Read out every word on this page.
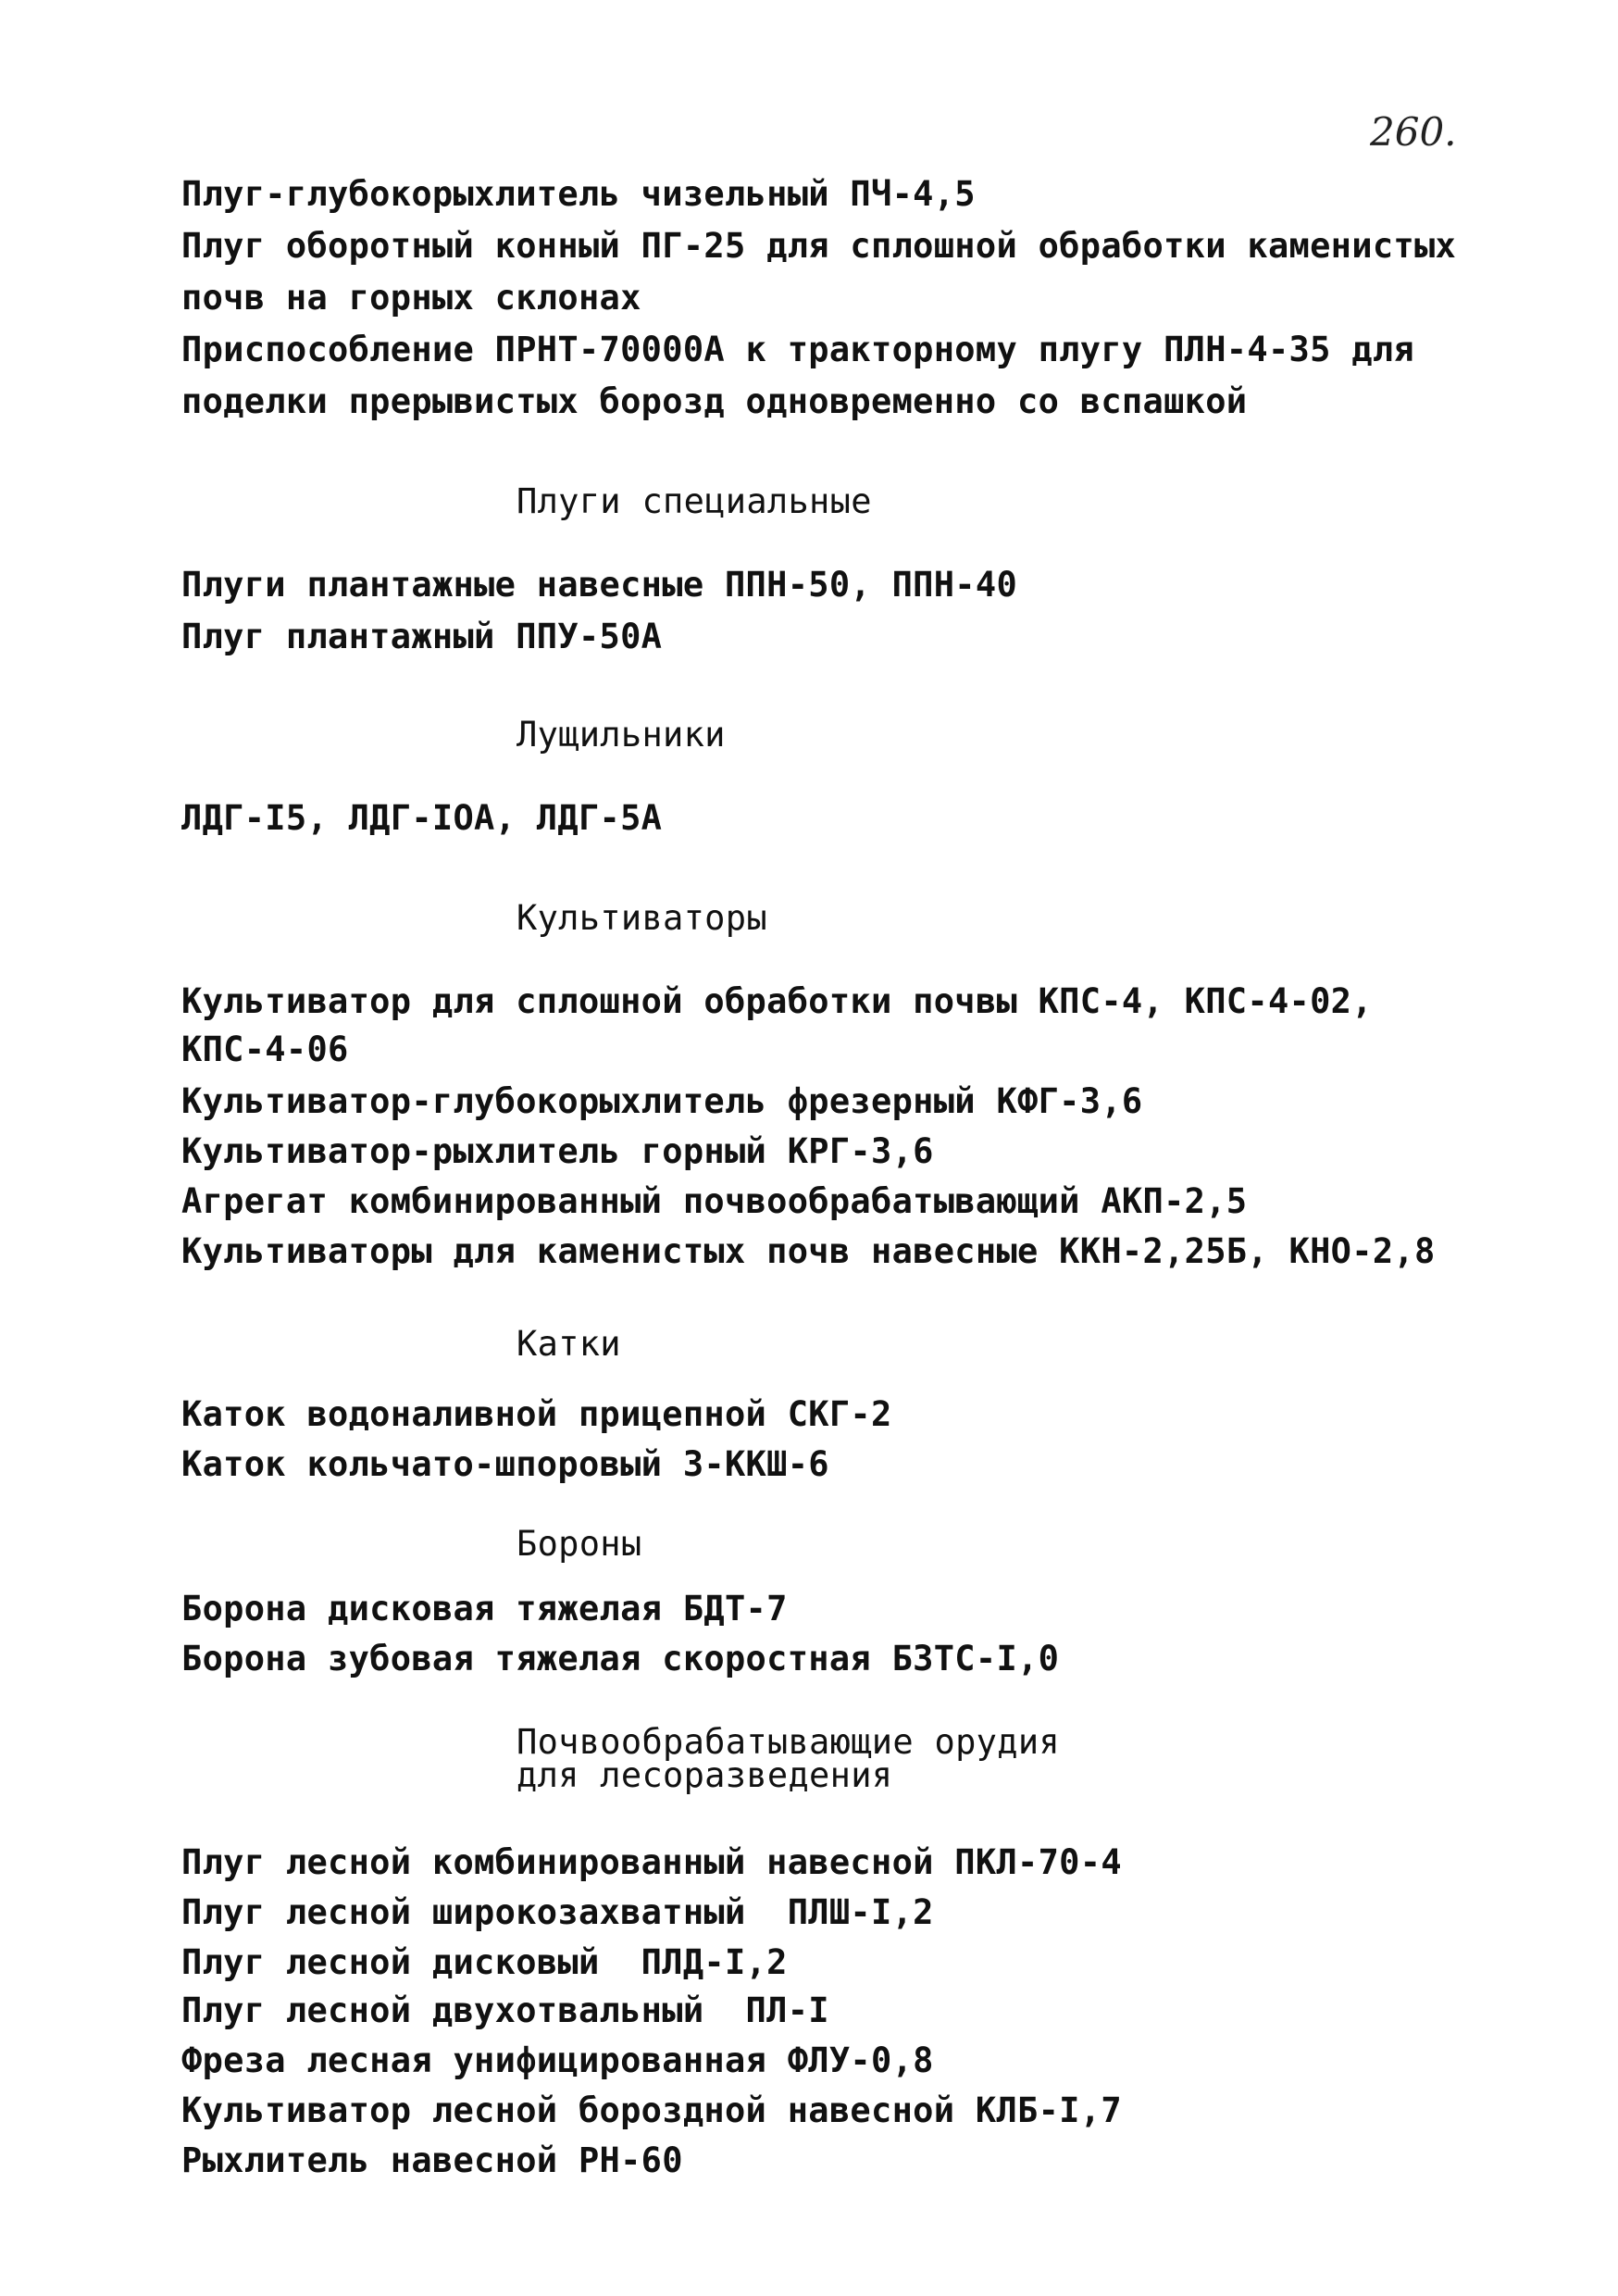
260.
Плуг-глубокорыхлитель чизельный ПЧ-4,5
Плуг оборотный конный ПГ-25 для сплошной обработки каменистых
почв на горных склонах
Приспособление ПРНТ-70000А к тракторному плугу ПЛН-4-35 для
поделки прерывистых борозд одновременно со вспашкой
Плуги специальные
Плуги плантажные навесные ППН-50, ППН-40
Плуг плантажный ППУ-50А
Лущильники
ЛДГ-I5, ЛДГ-IOA, ЛДГ-5А
Культиваторы
Культиватор для сплошной обработки почвы КПС-4, КПС-4-02,
КПС-4-06
Культиватор-глубокорыхлитель фрезерный КФГ-3,6
Культиватор-рыхлитель горный КРГ-3,6
Агрегат комбинированный почвообрабатывающий АКП-2,5
Культиваторы для каменистых почв навесные ККН-2,25Б, КНО-2,8
Катки
Каток водоналивной прицепной СКГ-2
Каток кольчато-шпоровый 3-ККШ-6
Бороны
Борона дисковая тяжелая БДТ-7
Борона зубовая тяжелая скоростная БЗТС-I,0
Почвообрабатывающие орудия
для лесоразведения
Плуг лесной комбинированный навесной ПКЛ-70-4
Плуг лесной широкозахватный  ПЛШ-I,2
Плуг лесной дисковый  ПЛД-I,2
Плуг лесной двухотвальный  ПЛ-I
Фреза лесная унифицированная ФЛУ-0,8
Культиватор лесной бороздной навесной КЛБ-I,7
Рыхлитель навесной РН-60
